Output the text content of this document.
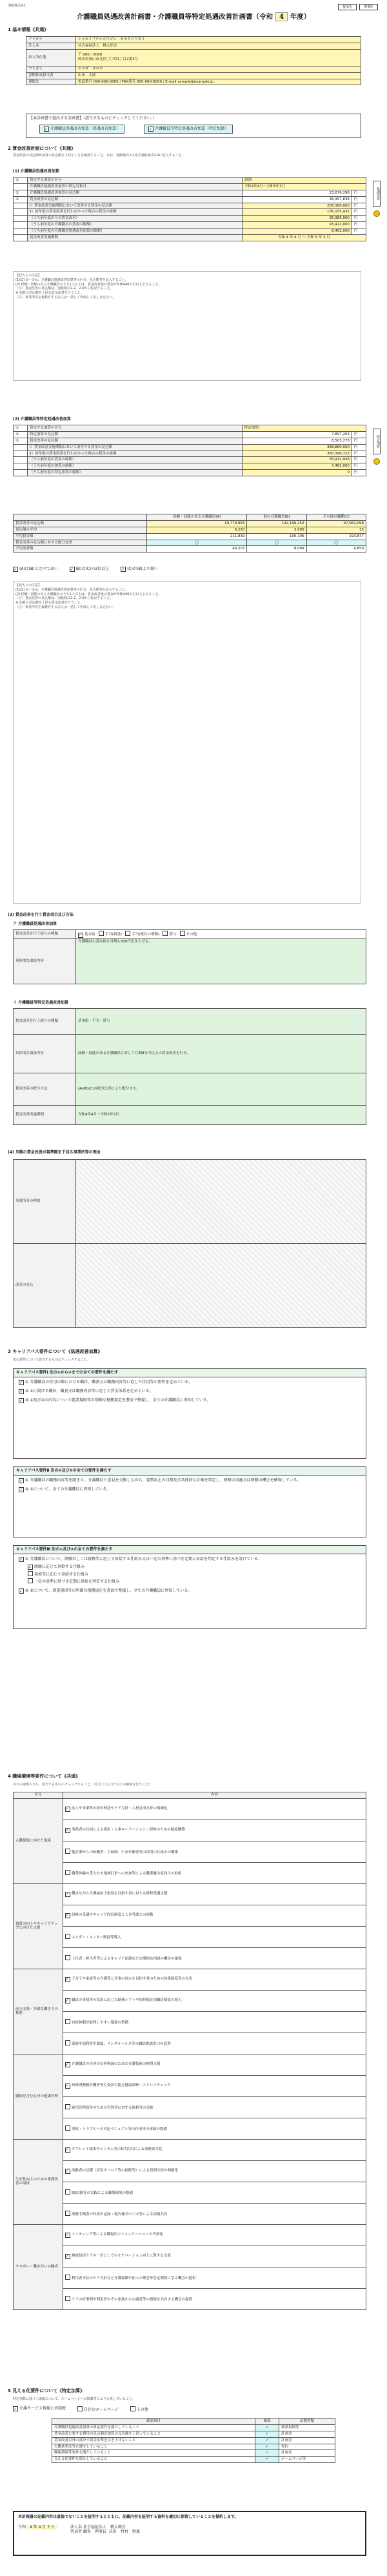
別紙様式2-1	提出先	事業所
介護職員処遇改善計画書・介護職員等特定処遇改善計画書（令和 4 年度）
1 基本情報《共通》
フリガナ	シャカイフクシホウジン　モモタロウカイ
法人名	社会福祉法人　桃太郎会
法人所在地	〒 000 - 0000
岡山県岡山市北区〇〇町1丁目2番3号
フリガナ	ヤマダ　タロウ
書類作成担当者	山田　太郎
連絡先	電話番号 000-000-0000 / FAX番号 000-000-0000 / E-mail sample@example.jp
【本計画書で提出する計画書】（該当するものにチェックしてください。）
✓ 介護職員処遇改善加算（処遇改善加算）	✓ 介護職員等特定処遇改善加算（特定加算）
2 賃金改善計画について《共通》
賃金改善の見込額が加算の見込額を上回ることを確認すること。なお、別紙様式2-2及び別紙様式2-3に記入すること。
(1) 介護職員処遇改善加算
処遇改善
特定加算
①	算定する加算の区分	加算Ⅰ	
	介護職員処遇改善加算の算定対象月	令和4年4月～令和5年3月	
②	介護職員処遇改善加算の見込額	23,676,296	円
③	賃金改善の見込額	36,357,836	円
	ⅰ）賃金改善実施期間において改善する賃金の見込額	208,380,000	円
	ⅱ）初年度の賃金改善を行わなかった場合の賃金の総額	136,155,432	円
	（うち前年度からの賃金改善）	95,985,000	円
	（うち前年度の介護職員の賃金の総額）	93,422,000	円
	（うち前年度の介護職員処遇改善加算の総額）	8,452,000	円
	賃金改善実施期間	令和 4 年 4 月 ～ 令和 5 年 3 月	
【記入上の注意】
(1)(2) ①～③は、介護職員処遇改善加算等の区分、見込額等を記入すること。
(2) 経験・技能のある介護職員のうち1人以上は、賃金改善後の賃金が年額440万円以上となること。
（注）賃金改善の見込額は、別紙様式2-2、2-3から転記すること。
※ 加算の見込額を上回る賃金改善を行うこと。
（注）事業所等を複数有する法人は一括して作成して差し支えない。
(2) 介護職員等特定処遇改善加算
①	算定する加算の区分	特定加算Ⅰ	
②	特定加算の見込額	7,897,203	円
③	賃金改善の見込額	8,503,278	円
	ⅰ）賃金改善実施期間において改善する賃金の見込額	388,880,000	円
	ⅱ）初年度の賃金改善を行わなかった場合の賃金の総額	380,396,722	円
	（うち前年度の賃金の総額）	35,932,938	円
	（うち前年度の加算の総額）	7,462,000	円
	（うち前年度の特定加算の総額）	0	円
	経験・技能のある介護職員(A)	他の介護職員(B)	その他の職種(C)
賃金改善の見込額	19,779,955	192,199,252	97,062,098
見込額の平均	6,250	3,000	15
平均賃金額	211,839	190,106	193,877
賃金改善の見込額に対する配分比率	◯	◯	◯
平均改善額	44,207	8,099	4,859
✓ (A)は(B)と比べて高い	✓ (B)は(C)の2倍以上	✓ (C)が(B)より低い
【記入上の注意】
(1)(2) ①～③は、介護職員処遇改善加算等の区分、見込額等を記入すること。
(2) 経験・技能のある介護職員のうち1人以上は、賃金改善後の賃金が年額440万円以上となること。
（注）賃金改善の見込額は、別紙様式2-2、2-3から転記すること。
※ 加算の見込額を上回る賃金改善を行うこと。
（注）事業所等を複数有する法人は一括して作成して差し支えない。
(3) 賃金改善を行う賃金項目及び方法
ア 介護職員処遇改善加算
賃金改善を行う給与の種類	✓ 基本給 手当(新設) 手当(既存の増額) 賞与 その他
具体的な取組内容	介護職員の基本給を月額3,000円引き上げる。
イ 介護職員等特定処遇改善加算
賃金改善を行う給与の種類	基本給・手当・賞与
具体的な取組内容	経験・技能のある介護職員に対して月額8万円以上の賃金改善を行う。
賃金改善の配分方法	(A)(B)(C)の配分比率により配分する。
賃金改善実施期間	令和4年4月～令和5年3月
(4) 月額の賃金改善が基準額を下回る事業所等の理由
事業所等の理由	
改善の見込	
3 キャリアパス要件について《処遇改善加算》
次の要件について該当するものにチェックすること。
キャリアパス要件Ⅰ 次の①から③までの全ての要件を満たす
✓ ① 介護職員の任用の際における職位、職責又は職務内容等に応じた任用等の要件を定めている。
✓ ② ①に掲げる職位、職責又は職務内容等に応じた賃金体系を定めている。
✓ ③ ①及び②の内容について就業規則等の明確な根拠規定を書面で整備し、全ての介護職員に周知している。
キャリアパス要件Ⅱ 次の①及び②の全ての要件を満たす
✓ ① 介護職員の職務内容等を踏まえ、介護職員と意見を交換しながら、資質向上の目標及び具体的な計画を策定し、研修の実施又は研修の機会を確保している。
✓ ② ①について、全ての介護職員に周知している。
キャリアパス要件Ⅲ 次の①及び②の全ての要件を満たす
✓ ① 介護職員について、経験若しくは資格等に応じて昇給する仕組み又は一定の基準に基づき定期に昇給を判定する仕組みを設けている。
✓ 経験に応じて昇給する仕組み
資格等に応じて昇給する仕組み
一定の基準に基づき定期に昇給を判定する仕組み
✓ ② ①について、就業規則等の明確な根拠規定を書面で整備し、全ての介護職員に周知している。
4 職場環境等要件について《共通》
以下の取組のうち、該当するものにチェックすること。（区分ごとに1つ以上の取組を行うこと）
区分	内容
入職促進に向けた取組	✓ 法人や事業所の経営理念やケア方針・人材育成方針の明確化
	✓ 事業者の共同による採用・人事ローテーション・研修のための制度構築
	他産業からの転職者、主婦層、中高年齢者等の採用の仕組みの構築
	職業体験の受入れや地域行事への参加等による職業魅力度向上の取組
資質の向上やキャリアアップに向けた支援	✓ 働きながら介護福祉士取得を目指す者に対する研修受講支援
	✓ 研修の受講やキャリア段位制度と人事考課との連動
	エルダー・メンター制度等導入
	上位者・担当者等によるキャリア面談など定期的な相談の機会の確保
両立支援・多様な働き方の推進	✓ 子育てや家族等の介護等と仕事の両立を目指す者のための休業制度等の充実
	✓ 職員の事情等の状況に応じた勤務シフトや短時間正規職員制度の導入
	有給休暇が取得しやすい環境の整備
	業務や福利厚生制度、メンタルヘルス等の職員相談窓口の設置
腰痛を含む心身の健康管理	✓ 介護職員の身体の負担軽減のための介護技術の修得支援
	✓ 短時間勤務労働者等も受診可能な健康診断・ストレスチェック
	雇用管理改善のための管理者に対する研修等の実施
	事故・トラブルへの対応マニュアル等の作成等の体制の整備
生産性向上のための業務改善の取組	✓ タブレット端末やインカム等のICT活用による業務省力化
	✓ 高齢者の活躍（居室やフロア等の掃除等）による役割分担の明確化
	5S活動等の実践による職場環境の整備
	業務手順書の作成や記録・報告様式の工夫等による情報共有
やりがい・働きがいの醸成	✓ ミーティング等による職場内コミュニケーションの円滑化
	✓ 地域包括ケアの一員としてのモチベーション向上に資する交流
	利用者本位のケア方針など介護保険や法人の理念等を定期的に学ぶ機会の提供
	ケアの好事例や利用者やその家族からの謝意等の情報を共有する機会の提供
5 見える化要件について《特定加算》
特定加算に基づく取組について、ホームページへの掲載等により公表していること。
✓ 介護サービス情報公表制度	自社のホームページ	その他
確認項目	確認	証拠書類
介護職員処遇改善加算の算定要件を満たしていること	✓	就業規則等
賃金改善に要する費用の見込額が加算の見込額を上回っていること	✓	計画書
賃金改善以外の部分で賃金水準を引き下げないこと	✓	計画書
労働基準法等を遵守していること	✓	誓約
職場環境等要件を満たしていること	✓	計画書
見える化要件を満たしていること	✓	ホームページ等
本計画書の記載内容は虚偽でないことを証明するとともに、記載内容を証明する資料を適切に保管していることを誓約します。
令和 4 年 4 月 7 日	法人名 社会福祉法人　桃太郎会
代表者 職名　理事長 氏名　竹村　慎兼
